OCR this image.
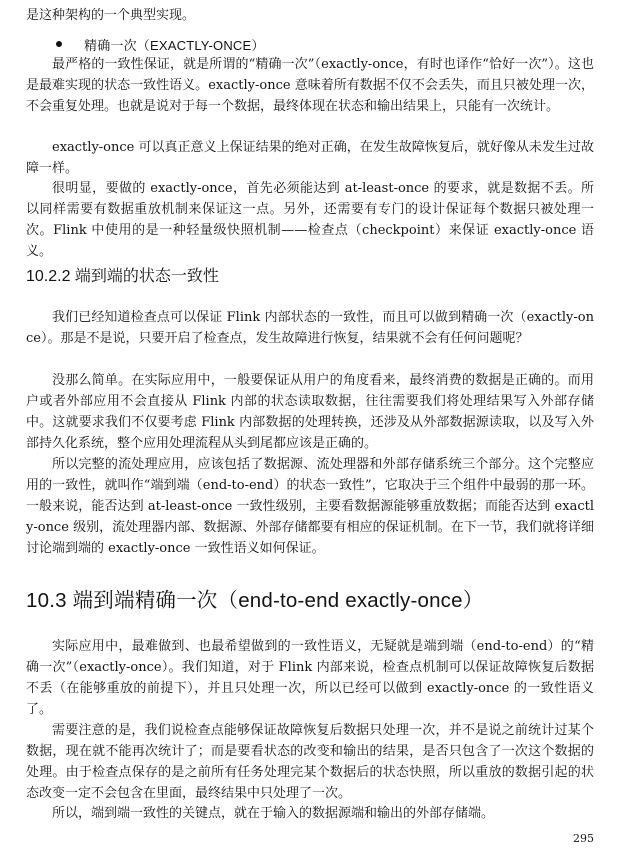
是这种架构的一个典型实现。
精确一次（EXACTLY-ONCE）

最严格的一致性保证，就是所谓的“精确一次”（exactly-once，有时也译作“恰好一次”）。这也是最难实现的状态一致性语义。exactly-once 意味着所有数据不仅不会丢失，而且只被处理一次，不会重复处理。也就是说对于每一个数据，最终体现在状态和输出结果上，只能有一次统计。

exactly-once 可以真正意义上保证结果的绝对正确，在发生故障恢复后，就好像从未发生过故障一样。

很明显，要做的 exactly-once，首先必须能达到 at-least-once 的要求，就是数据不丢。所以同样需要有数据重放机制来保证这一点。另外，还需要有专门的设计保证每个数据只被处理一次。Flink 中使用的是一种轻量级快照机制——检查点（checkpoint）来保证 exactly-once 语义。

10.2.2 端到端的状态一致性

我们已经知道检查点可以保证 Flink 内部状态的一致性，而且可以做到精确一次（exactly-once）。那是不是说，只要开启了检查点，发生故障进行恢复，结果就不会有任何问题呢？

没那么简单。在实际应用中，一般要保证从用户的角度看来，最终消费的数据是正确的。而用户或者外部应用不会直接从 Flink 内部的状态读取数据，往往需要我们将处理结果写入外部存储中。这就要求我们不仅要考虑 Flink 内部数据的处理转换，还涉及从外部数据源读取，以及写入外部持久化系统，整个应用处理流程从头到尾都应该是正确的。

所以完整的流处理应用，应该包括了数据源、流处理器和外部存储系统三个部分。这个完整应用的一致性，就叫作“端到端（end-to-end）的状态一致性”，它取决于三个组件中最弱的那一环。一般来说，能否达到 at-least-once 一致性级别，主要看数据源能够重放数据；而能否达到 exactly-once 级别，流处理器内部、数据源、外部存储都要有相应的保证机制。在下一节，我们就将详细讨论端到端的 exactly-once 一致性语义如何保证。

10.3 端到端精确一次（end-to-end exactly-once）

实际应用中，最难做到、也最希望做到的一致性语义，无疑就是端到端（end-to-end）的“精确一次”（exactly-once）。我们知道，对于 Flink 内部来说，检查点机制可以保证故障恢复后数据不丢（在能够重放的前提下），并且只处理一次，所以已经可以做到 exactly-once 的一致性语义了。

需要注意的是，我们说检查点能够保证故障恢复后数据只处理一次，并不是说之前统计过某个数据，现在就不能再次统计了；而是要看状态的改变和输出的结果，是否只包含了一次这个数据的处理。由于检查点保存的是之前所有任务处理完某个数据后的状态快照，所以重放的数据引起的状态改变一定不会包含在里面，最终结果中只处理了一次。

所以，端到端一致性的关键点，就在于输入的数据源端和输出的外部存储端。

295
